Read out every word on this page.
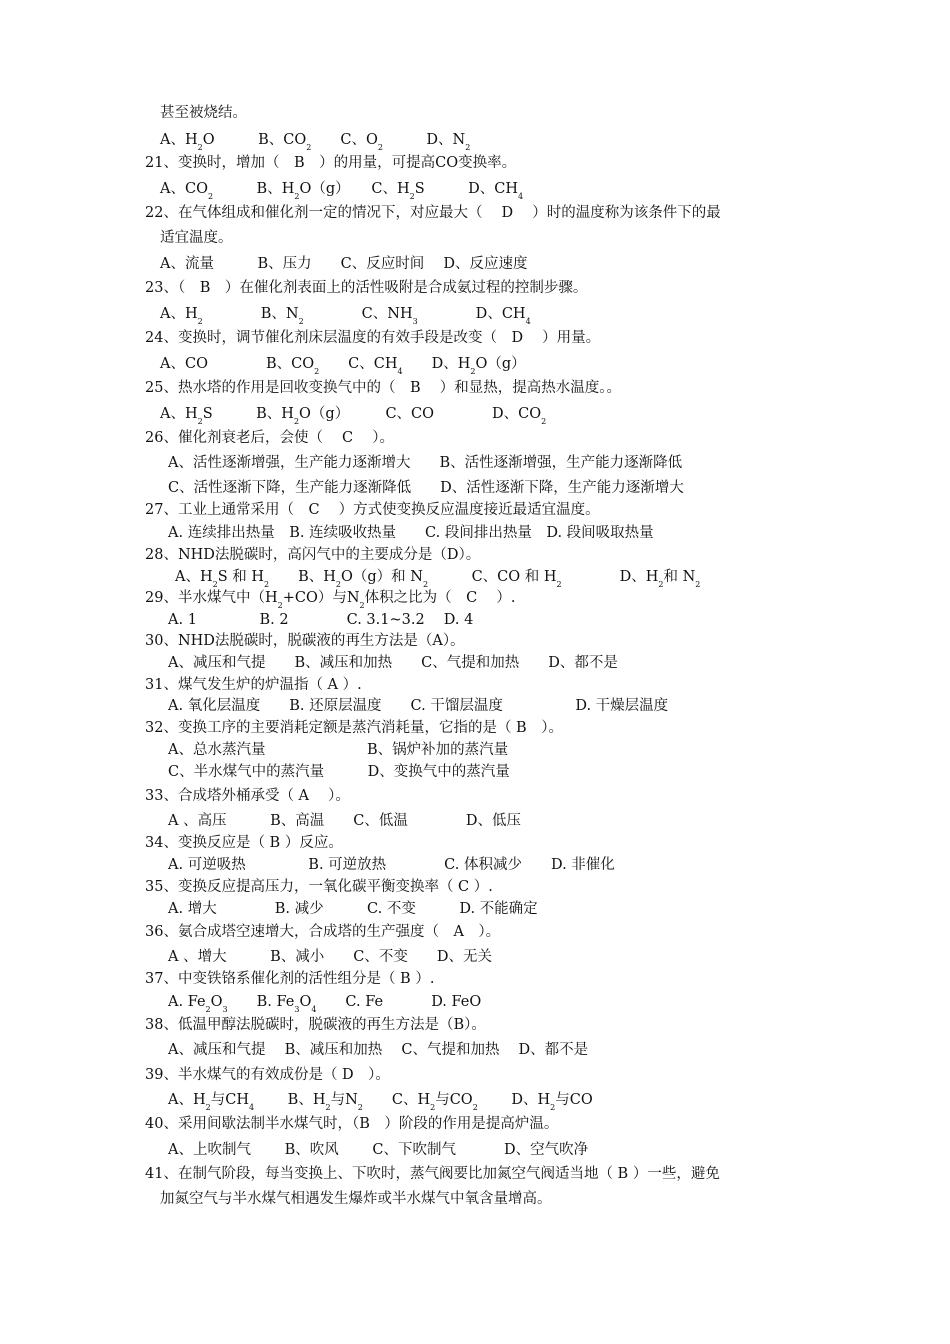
甚至被烧结。
A、$H_2O$　　　B、$CO_2$　　C、$O_2$　　　D、$N_2$
21、变换时，增加（　B　）的用量，可提高CO变换率。
A、$CO_2$　　　B、$H_2O(g)$　　C、$H_2S$　　　D、$CH_4$
22、在气体组成和催化剂一定的情况下，对应最大（　 D　 ）时的温度称为该条件下的最
适宜温度。
A、流量　　　B、压力　　C、反应时间　 D、反应速度
23、（　B　）在催化剂表面上的活性吸附是合成氨过程的控制步骤。
A、$H_2$　　　　B、$N_2$　　　　C、$NH_3$　　　　D、$CH_4$
24、变换时，调节催化剂床层温度的有效手段是改变（　D　 ）用量。
A、CO　　　　B、$CO_2$　　C、$CH_4$　　D、$H_2O(g)$
25、热水塔的作用是回收变换气中的（　B　 ）和显热，提高热水温度。。
A、$H_2S$　　　B、$H_2O(g)$　　　C、CO　　　　D、$CO_2$
26、催化剂衰老后，会使（　 C　 ）。
A、活性逐渐增强，生产能力逐渐增大　　B、活性逐渐增强，生产能力逐渐降低
C、活性逐渐下降，生产能力逐渐降低　　D、活性逐渐下降，生产能力逐渐增大
27、工业上通常采用（　C　 ）方式使变换反应温度接近最适宜温度。
A. 连续排出热量　B. 连续吸收热量　　C. 段间排出热量　D. 段间吸取热量
28、NHD法脱碳时，高闪气中的主要成分是（D）。
A、$H_2S$ 和 $H_2$　　B、$H_2O(g)$和 $N_2$　　　C、CO 和 $H_2$　　　　D、$H_2$和 $N_2$
29、半水煤气中$(H_2+CO)$与$N_2$体积之比为（　C　 ）.
A. 1　　　　 B. 2　　　　C. 3.1~3.2　 D. 4
30、NHD法脱碳时，脱碳液的再生方法是（A）。
A、减压和气提　　B、减压和加热　　C、气提和加热　　D、都不是
31、煤气发生炉的炉温指（ A ）.
A. 氧化层温度　　B. 还原层温度　　C. 干馏层温度　　　　　D. 干燥层温度
32、变换工序的主要消耗定额是蒸汽消耗量，它指的是（ B　）。
A、总水蒸汽量　　　　　　　B、锅炉补加的蒸汽量
C、半水煤气中的蒸汽量　　　D、变换气中的蒸汽量
33、合成塔外桶承受（ A　 ）。
A 、高压　　　B、高温　　C、低温　　　　D、低压
34、变换反应是（ B ）反应。
A. 可逆吸热　　　　 B. 可逆放热　　　　C. 体积减少　　D. 非催化
35、变换反应提高压力，一氧化碳平衡变换率（ C ）.
A. 增大　　　　B. 减少　　　C. 不变　　　D. 不能确定
36、氨合成塔空速增大，合成塔的生产强度（　A　）。
A 、增大　　　B、减小　　C、不变　　D、无关
37、中变铁铬系催化剂的活性组分是（ B ）.
A. $Fe_2O_3$　　B. $Fe_3O_4$　　C. Fe　　　 D. FeO
38、低温甲醇法脱碳时，脱碳液的再生方法是（B）。
A、减压和气提　 B、减压和加热　 C、气提和加热　 D、都不是
39、半水煤气的有效成份是（ D　）。
A、$H_2$与$CH_4$　　 B、$H_2$与$N_2$　　C、$H_2$与$CO_2$　　 D、$H_2$与CO
40、采用间歇法制半水煤气时，（B　）阶段的作用是提高炉温。
A、上吹制气　　 B、吹风　　 C、下吹制气　　　 D、空气吹净
41、在制气阶段，每当变换上、下吹时，蒸气阀要比加氮空气阀适当地（ B ）一些，避免
加氮空气与半水煤气相遇发生爆炸或半水煤气中氧含量增高。
